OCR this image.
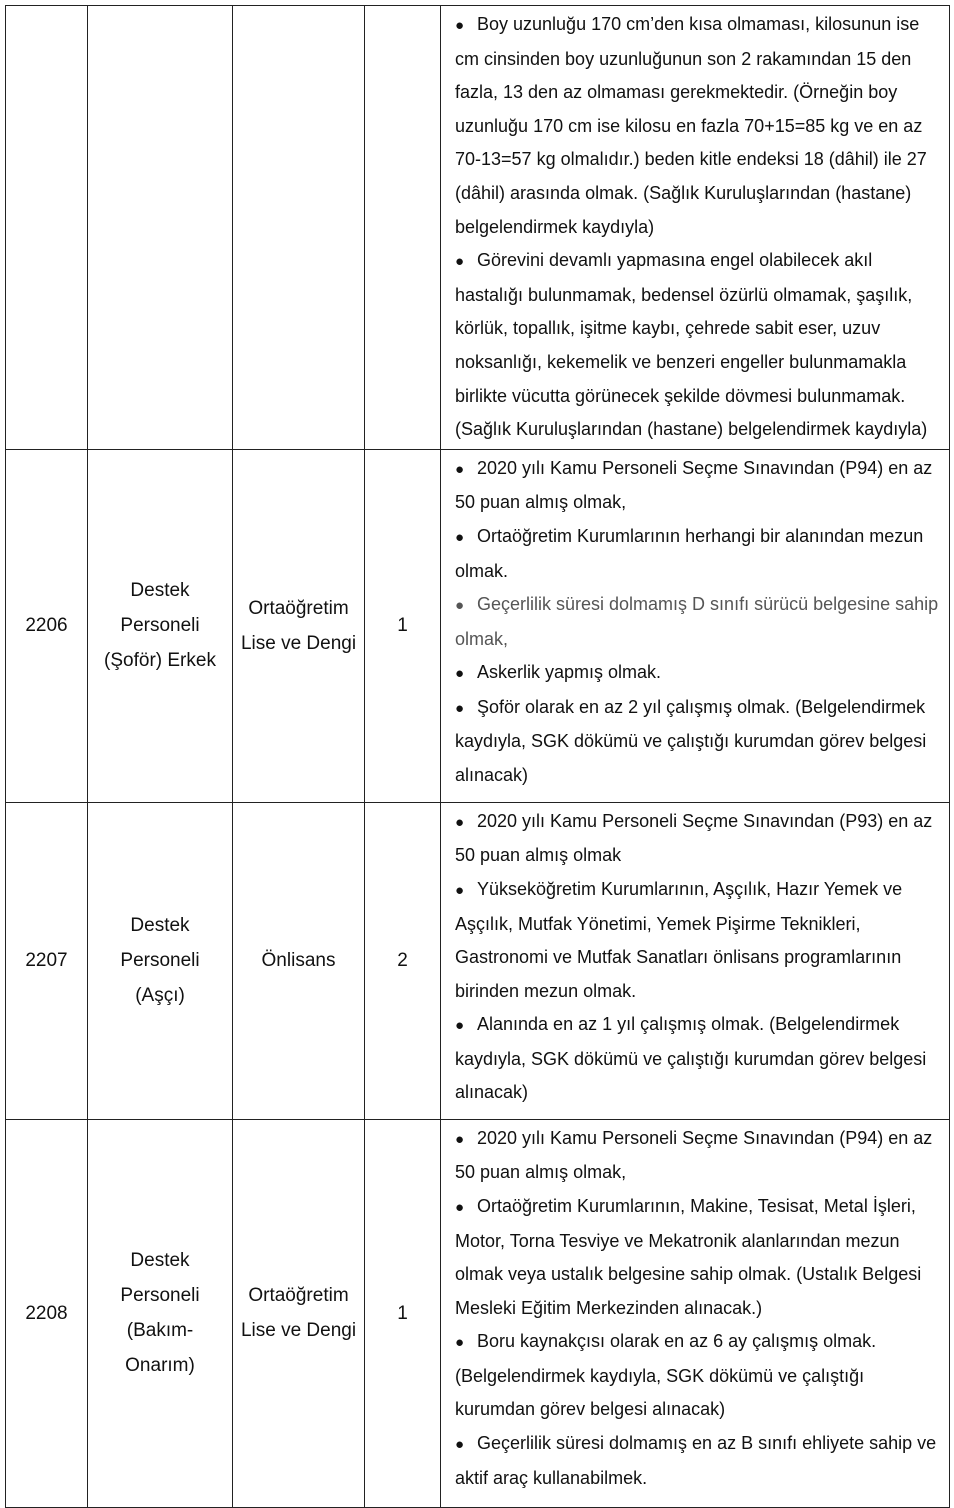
				● Boy uzunluğu 170 cm’den kısa olmaması, kilosunun ise cm cinsinden boy uzunluğunun son 2 rakamından 15 den fazla, 13 den az olmaması gerekmektedir. (Örneğin boy uzunluğu 170 cm ise kilosu en fazla 70+15=85 kg ve en az 70-13=57 kg olmalıdır.) beden kitle endeksi 18 (dâhil) ile 27 (dâhil) arasında olmak. (Sağlık Kuruluşlarından (hastane) belgelendirmek kaydıyla)

● Görevini devamlı yapmasına engel olabilecek akıl hastalığı bulunmamak, bedensel özürlü olmamak, şaşılık, körlük, topallık, işitme kaybı, çehrede sabit eser, uzuv noksanlığı, kekemelik ve benzeri engeller bulunmamakla birlikte vücutta görünecek şekilde dövmesi bulunmamak. (Sağlık Kuruluşlarından (hastane) belgelendirmek kaydıyla)

2206	Destek Personeli (Şoför) Erkek	Ortaöğretim Lise ve Dengi	1	● 2020 yılı Kamu Personeli Seçme Sınavından (P94) en az 50 puan almış olmak,

● Ortaöğretim Kurumlarının herhangi bir alanından mezun olmak.

● Geçerlilik süresi dolmamış D sınıfı sürücü belgesine sahip olmak,

● Askerlik yapmış olmak.

● Şoför olarak en az 2 yıl çalışmış olmak. (Belgelendirmek kaydıyla, SGK dökümü ve çalıştığı kurumdan görev belgesi alınacak)

2207	Destek Personeli (Aşçı)	Önlisans	2	● 2020 yılı Kamu Personeli Seçme Sınavından (P93) en az 50 puan almış olmak

● Yükseköğretim Kurumlarının, Aşçılık, Hazır Yemek ve Aşçılık, Mutfak Yönetimi, Yemek Pişirme Teknikleri, Gastronomi ve Mutfak Sanatları önlisans programlarının birinden mezun olmak.

● Alanında en az 1 yıl çalışmış olmak. (Belgelendirmek kaydıyla, SGK dökümü ve çalıştığı kurumdan görev belgesi alınacak)

2208	Destek Personeli (Bakım-Onarım)	Ortaöğretim Lise ve Dengi	1	● 2020 yılı Kamu Personeli Seçme Sınavından (P94) en az 50 puan almış olmak,

● Ortaöğretim Kurumlarının, Makine, Tesisat, Metal İşleri, Motor, Torna Tesviye ve Mekatronik alanlarından mezun olmak veya ustalık belgesine sahip olmak. (Ustalık Belgesi Mesleki Eğitim Merkezinden alınacak.)

● Boru kaynakçısı olarak en az 6 ay çalışmış olmak. (Belgelendirmek kaydıyla, SGK dökümü ve çalıştığı kurumdan görev belgesi alınacak)

● Geçerlilik süresi dolmamış en az B sınıfı ehliyete sahip ve aktif araç kullanabilmek.
